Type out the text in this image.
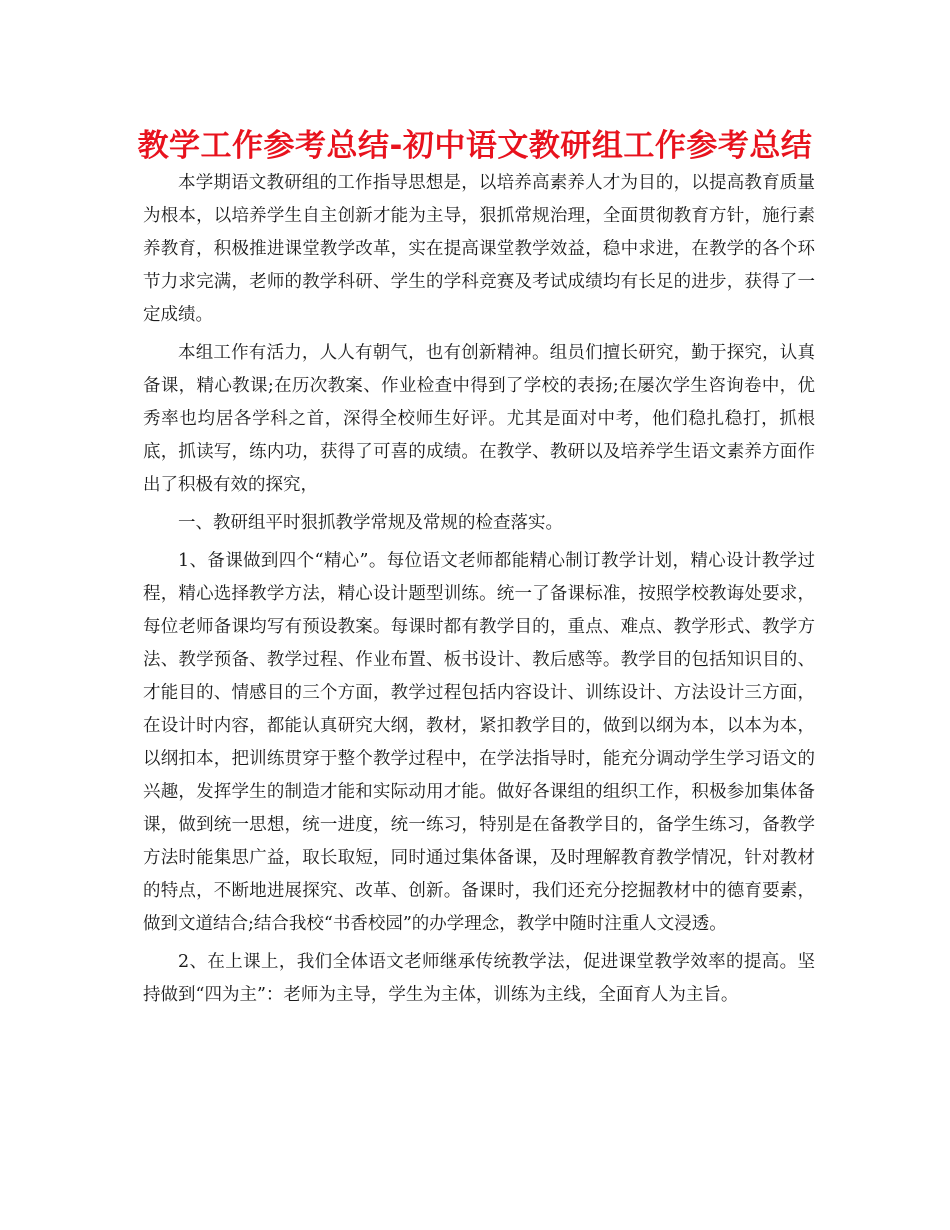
教学工作参考总结-初中语文教研组工作参考总结

本学期语文教研组的工作指导思想是，以培养高素养人才为目的，以提高教育质量为根本，以培养学生自主创新才能为主导，狠抓常规治理，全面贯彻教育方针，施行素养教育，积极推进课堂教学改革，实在提高课堂教学效益，稳中求进，在教学的各个环节力求完满，老师的教学科研、学生的学科竞赛及考试成绩均有长足的进步，获得了一定成绩。

本组工作有活力，人人有朝气，也有创新精神。组员们擅长研究，勤于探究，认真备课，精心教课;在历次教案、作业检查中得到了学校的表扬;在屡次学生咨询卷中，优秀率也均居各学科之首，深得全校师生好评。尤其是面对中考，他们稳扎稳打，抓根底，抓读写，练内功，获得了可喜的成绩。在教学、教研以及培养学生语文素养方面作出了积极有效的探究，

一、教研组平时狠抓教学常规及常规的检查落实。

1、备课做到四个“精心”。每位语文老师都能精心制订教学计划，精心设计教学过程，精心选择教学方法，精心设计题型训练。统一了备课标准，按照学校教诲处要求，每位老师备课均写有预设教案。每课时都有教学目的，重点、难点、教学形式、教学方法、教学预备、教学过程、作业布置、板书设计、教后感等。教学目的包括知识目的、才能目的、情感目的三个方面，教学过程包括内容设计、训练设计、方法设计三方面，在设计时内容，都能认真研究大纲，教材，紧扣教学目的，做到以纲为本，以本为本，以纲扣本，把训练贯穿于整个教学过程中，在学法指导时，能充分调动学生学习语文的兴趣，发挥学生的制造才能和实际动用才能。做好各课组的组织工作，积极参加集体备课，做到统一思想，统一进度，统一练习，特别是在备教学目的，备学生练习，备教学方法时能集思广益，取长取短，同时通过集体备课，及时理解教育教学情况，针对教材的特点，不断地进展探究、改革、创新。备课时，我们还充分挖掘教材中的德育要素，做到文道结合;结合我校“书香校园”的办学理念，教学中随时注重人文浸透。

2、在上课上，我们全体语文老师继承传统教学法，促进课堂教学效率的提高。坚持做到“四为主”：老师为主导，学生为主体，训练为主线，全面育人为主旨。
